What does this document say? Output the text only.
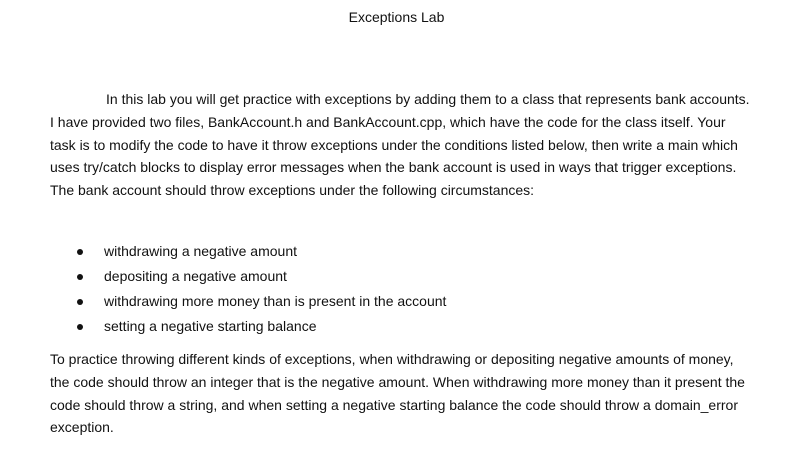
Exceptions Lab

In this lab you will get practice with exceptions by adding them to a class that represents bank accounts. I have provided two files, BankAccount.h and BankAccount.cpp, which have the code for the class itself. Your task is to modify the code to have it throw exceptions under the conditions listed below, then write a main which uses try/catch blocks to display error messages when the bank account is used in ways that trigger exceptions. The bank account should throw exceptions under the following circumstances:

withdrawing a negative amount
depositing a negative amount
withdrawing more money than is present in the account
setting a negative starting balance

To practice throwing different kinds of exceptions, when withdrawing or depositing negative amounts of money, the code should throw an integer that is the negative amount. When withdrawing more money than it present the code should throw a string, and when setting a negative starting balance the code should throw a domain_error exception.
